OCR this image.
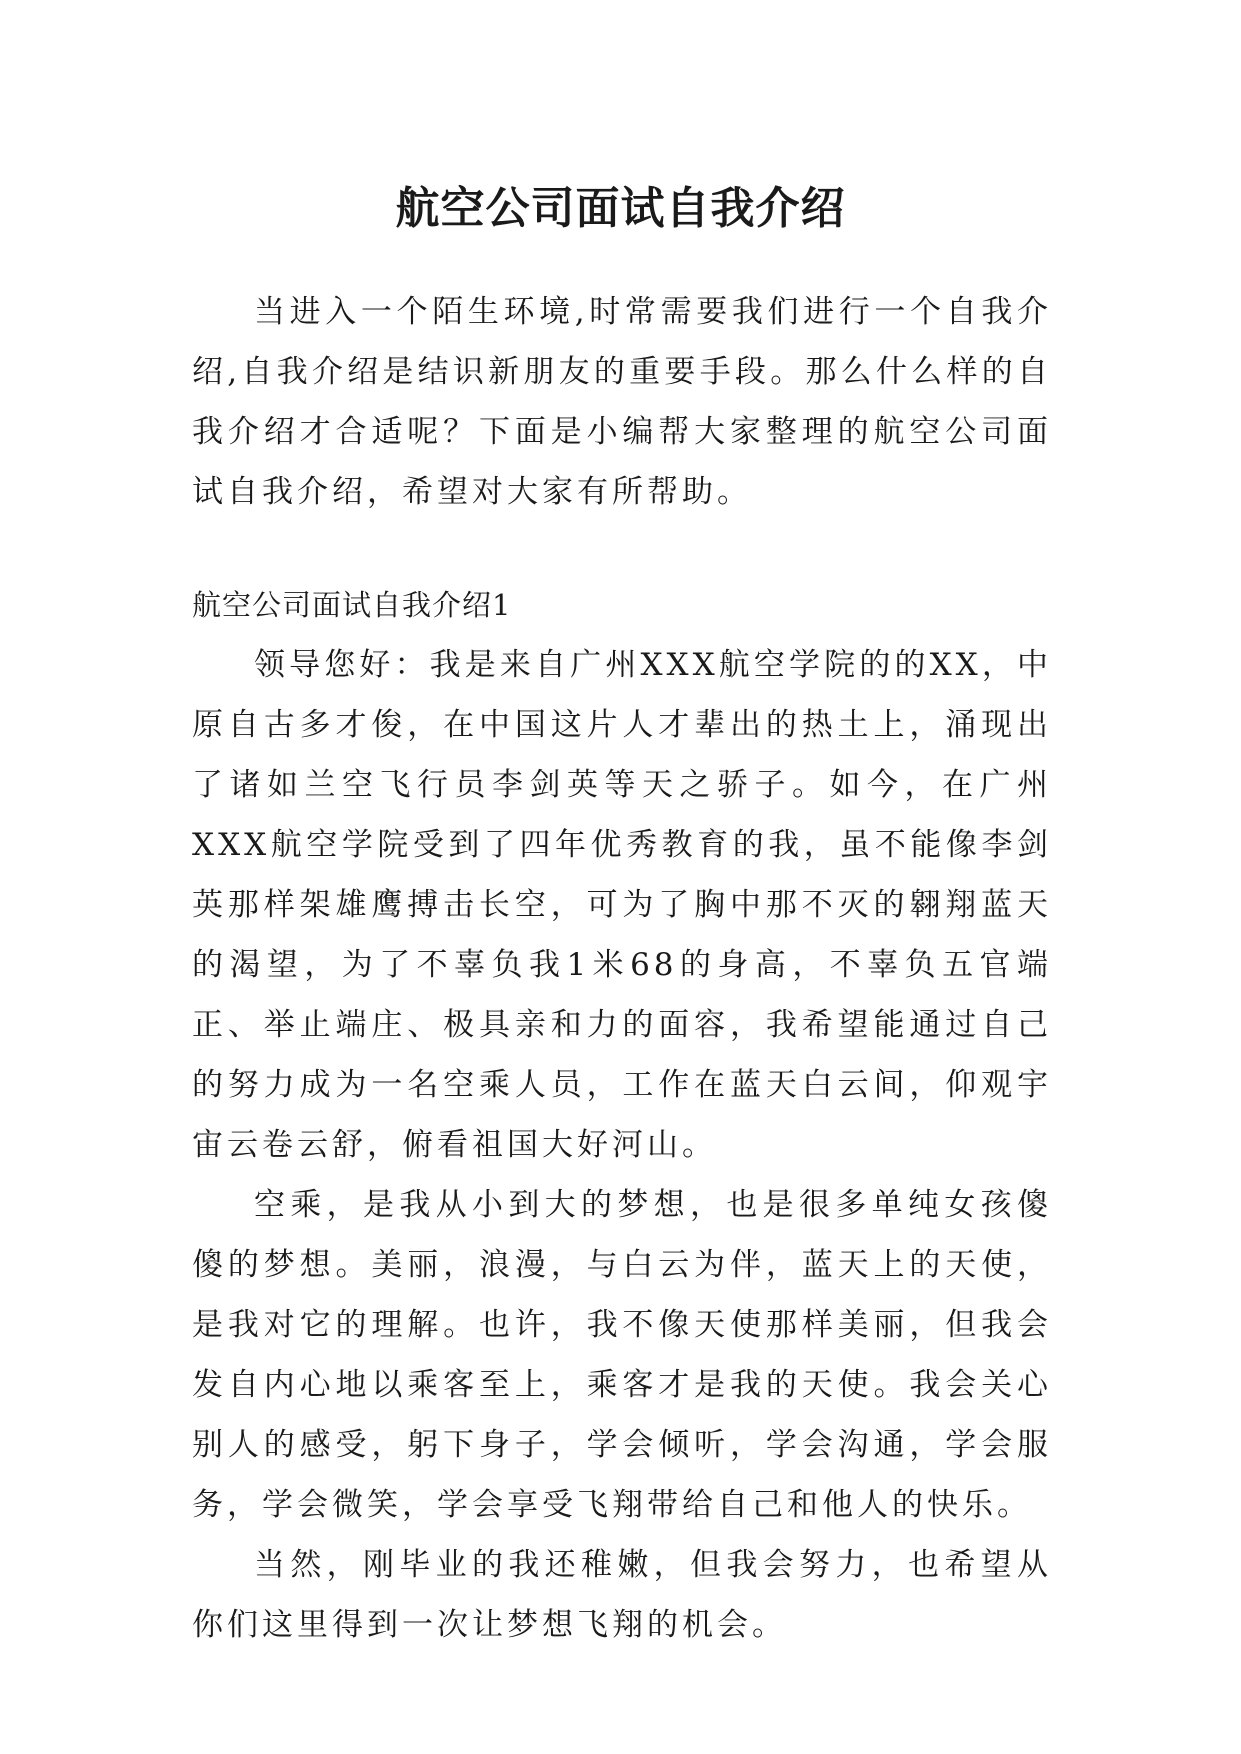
航空公司面试自我介绍

当进入一个陌生环境,时常需要我们进行一个自我介绍,自我介绍是结识新朋友的重要手段。那么什么样的自我介绍才合适呢？下面是小编帮大家整理的航空公司面试自我介绍，希望对大家有所帮助。

航空公司面试自我介绍1

领导您好：我是来自广州XXX航空学院的的XX，中原自古多才俊，在中国这片人才辈出的热土上，涌现出了诸如兰空飞行员李剑英等天之骄子。如今，在广州XXX航空学院受到了四年优秀教育的我，虽不能像李剑英那样架雄鹰搏击长空，可为了胸中那不灭的翱翔蓝天的渴望，为了不辜负我1米68的身高，不辜负五官端正、举止端庄、极具亲和力的面容，我希望能通过自己的努力成为一名空乘人员，工作在蓝天白云间，仰观宇宙云卷云舒，俯看祖国大好河山。

空乘，是我从小到大的梦想，也是很多单纯女孩傻傻的梦想。美丽，浪漫，与白云为伴，蓝天上的天使，是我对它的理解。也许，我不像天使那样美丽，但我会发自内心地以乘客至上，乘客才是我的天使。我会关心别人的感受，躬下身子，学会倾听，学会沟通，学会服务，学会微笑，学会享受飞翔带给自己和他人的快乐。

当然，刚毕业的我还稚嫩，但我会努力，也希望从你们这里得到一次让梦想飞翔的机会。
